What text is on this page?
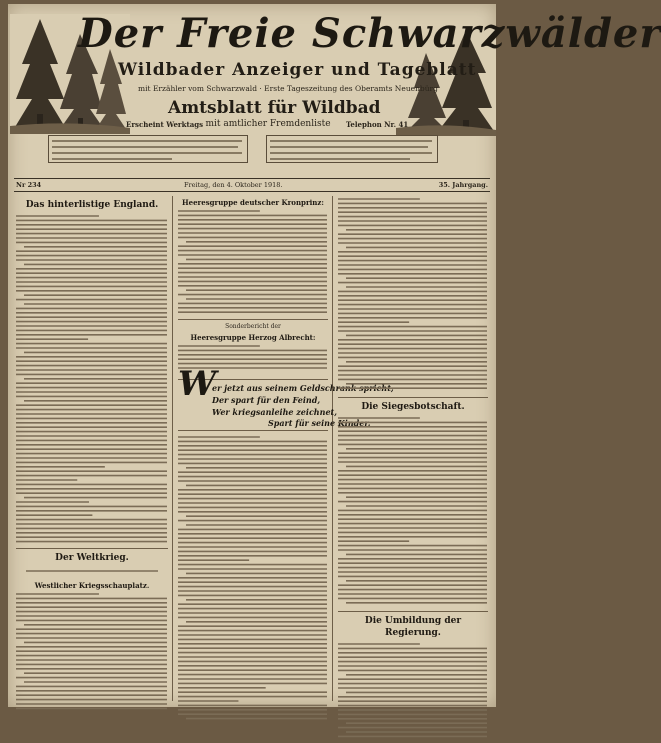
Der Freie Schwarzwälder
Wildbader Anzeiger und Tageblatt
mit Erzähler vom Schwarzwald · Erste Tageszeitung des Oberamts Neuenbürg
Amtsblatt für Wildbad
mit amtlicher Fremdenliste
Erscheint Werktags	Telephon Nr. 41
Nr 234	Freitag, den 4. Oktober 1918.	35. Jahrgang.
Das hinterlistige England.
Der Weltkrieg.
Westlicher Kriegsschauplatz.
Heeresgruppe deutscher Kronprinz:
Sonderbericht der
Heeresgruppe Herzog Albrecht:
W
er jetzt aus seinem Geldschrank spricht,
Der spart für den Feind,
Wer kriegsanleihe zeichnet,
Spart für seine Kinder.
Die Siegesbotschaft.
Die Umbildung der Regierung.
